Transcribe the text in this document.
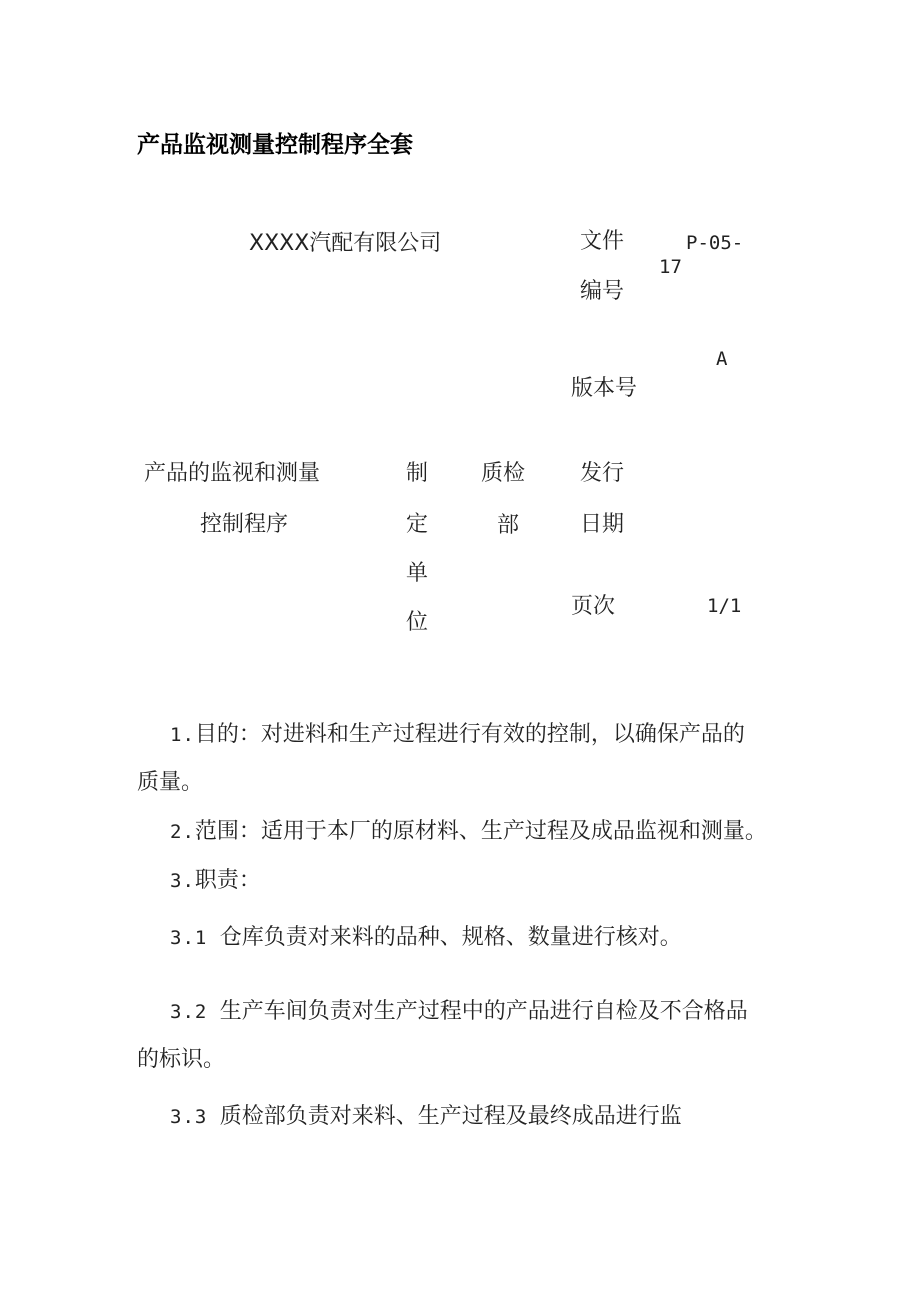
产品监视测量控制程序全套
XXXX汽配有限公司	文件
编号
P-05-
17
A
版本号
产品的监视和测量
控制程序
制
定
单
位
质检
部
发行
日期
页次	1/1
1.目的：对进料和生产过程进行有效的控制，以确保产品的
质量。
2.范围：适用于本厂的原材料、生产过程及成品监视和测量。
3.职责：
3.1 仓库负责对来料的品种、规格、数量进行核对。
3.2 生产车间负责对生产过程中的产品进行自检及不合格品
的标识。
3.3 质检部负责对来料、生产过程及最终成品进行监
